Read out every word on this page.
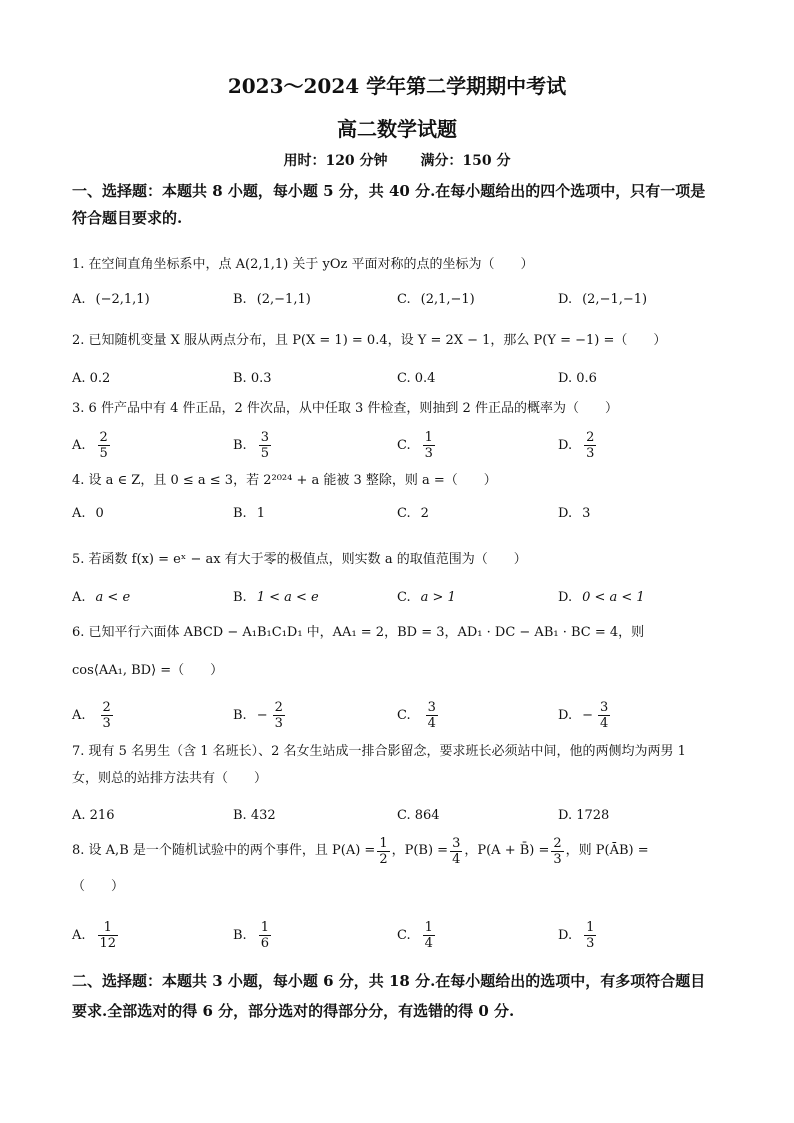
2023～2024 学年第二学期期中考试
高二数学试题
用时：120 分钟 满分：150 分
一、选择题：本题共 8 小题，每小题 5 分，共 40 分.在每小题给出的四个选项中，只有一项是
符合题目要求的.
1. 在空间直角坐标系中，点 A(2,1,1) 关于 yOz 平面对称的点的坐标为（　　）
A. (−2,1,1)	B. (2,−1,1)	C. (2,1,−1)	D. (2,−1,−1)
2. 已知随机变量 X 服从两点分布，且 P(X = 1) = 0.4，设 Y = 2X − 1，那么 P(Y = −1) =（　　）
A. 0.2	B. 0.3	C. 0.4	D. 0.6
3. 6 件产品中有 4 件正品，2 件次品，从中任取 3 件检查，则抽到 2 件正品的概率为（　　）
A. $\frac{2}{5}$	B. $\frac{3}{5}$	C. $\frac{1}{3}$	D. $\frac{2}{3}$
4. 设 a ∈ Z，且 0 ≤ a ≤ 3，若 2²⁰²⁴ + a 能被 3 整除，则 a =（　　）
A. 0	B. 1	C. 2	D. 3
5. 若函数 f(x) = eˣ − ax 有大于零的极值点，则实数 a 的取值范围为（　　）
A. a < e	B. 1 < a < e	C. a > 1	D. 0 < a < 1
6. 已知平行六面体 ABCD − A₁B₁C₁D₁ 中，AA₁ = 2，BD = 3，AD₁ · DC − AB₁ · BC = 4，则
cos⟨AA₁, BD⟩ =（　　）
A. $\frac{2}{3}$	B. − $\frac{2}{3}$	C. $\frac{3}{4}$	D. − $\frac{3}{4}$
7. 现有 5 名男生（含 1 名班长）、2 名女生站成一排合影留念，要求班长必须站中间，他的两侧均为两男 1
女，则总的站排方法共有（　　）
A. 216	B. 432	C. 864	D. 1728
8. 设 A,B 是一个随机试验中的两个事件，且 $P(A) = \frac{1}{2}$ ，$P(B) = \frac{3}{4}$ ，P(A + B̄) = $\frac{2}{3}$ ，则 P(ĀB) =
（　　）
A. $\frac{1}{12}$	B. $\frac{1}{6}$	C. $\frac{1}{4}$	D. $\frac{1}{3}$
二、选择题：本题共 3 小题，每小题 6 分，共 18 分.在每小题给出的选项中，有多项符合题目
要求.全部选对的得 6 分，部分选对的得部分分，有选错的得 0 分.
